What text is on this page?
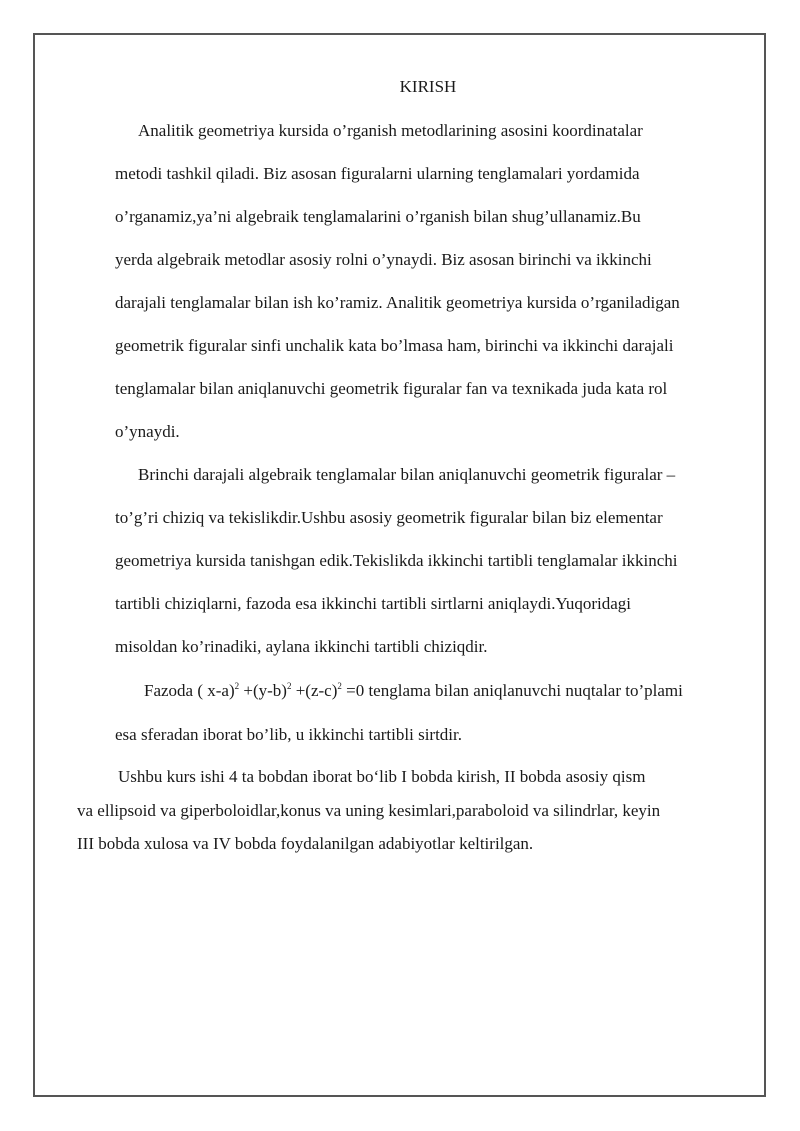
KIRISH
Analitik geometriya kursida o’rganish metodlarining asosini koordinatalar
metodi tashkil qiladi. Biz asosan figuralarni ularning tenglamalari yordamida
o’rganamiz,ya’ni algebraik tenglamalarini o’rganish bilan shug’ullanamiz.Bu
yerda algebraik metodlar asosiy rolni o’ynaydi. Biz asosan birinchi va ikkinchi
darajali tenglamalar bilan ish ko’ramiz. Analitik geometriya kursida o’rganiladigan
geometrik figuralar sinfi unchalik kata bo’lmasa ham, birinchi va ikkinchi darajali
tenglamalar bilan aniqlanuvchi geometrik figuralar fan va texnikada juda kata rol
o’ynaydi.
Brinchi darajali algebraik tenglamalar bilan aniqlanuvchi geometrik figuralar –
to’g’ri chiziq va tekislikdir.Ushbu asosiy geometrik figuralar bilan biz elementar
geometriya kursida tanishgan edik.Tekislikda ikkinchi tartibli tenglamalar ikkinchi
tartibli chiziqlarni, fazoda esa ikkinchi tartibli sirtlarni aniqlaydi.Yuqoridagi
misoldan ko’rinadiki, aylana ikkinchi tartibli chiziqdir.
Fazoda ( $x-a)^2 +(y-b)^2 +(z-c)^2 =0$ tenglama bilan aniqlanuvchi nuqtalar to’plami
esa sferadan iborat bo’lib, u ikkinchi tartibli sirtdir.
Ushbu kurs ishi 4 ta bobdan iborat bo‘lib I bobda kirish, II bobda asosiy qism
va ellipsoid va giperboloidlar,konus va uning kesimlari,paraboloid va silindrlar, keyin
III bobda xulosa va IV bobda foydalanilgan adabiyotlar keltirilgan.
